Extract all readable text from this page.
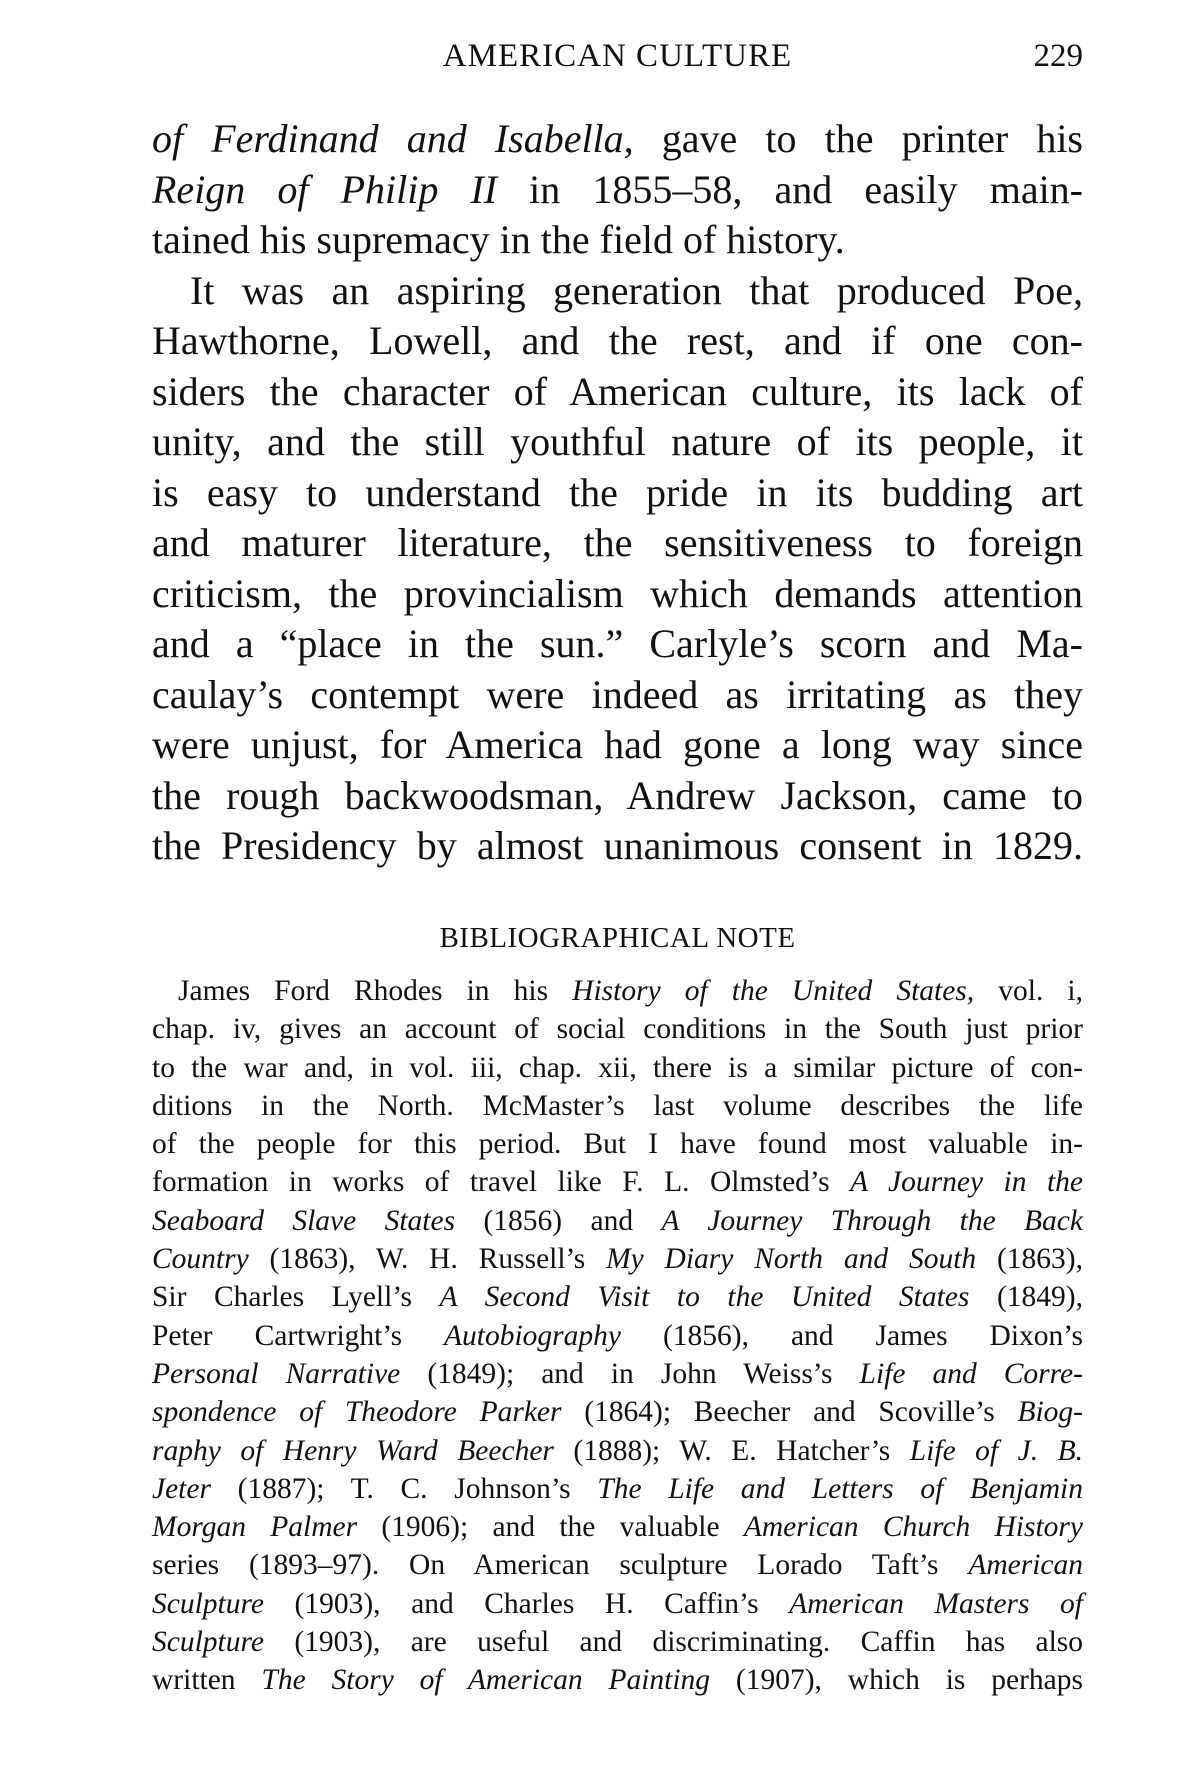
AMERICAN CULTURE	229
of Ferdinand and Isabella, gave to the printer his
Reign of Philip II in 1855–58, and easily main-
tained his supremacy in the field of history.
It was an aspiring generation that produced Poe,
Hawthorne, Lowell, and the rest, and if one con-
siders the character of American culture, its lack of
unity, and the still youthful nature of its people, it
is easy to understand the pride in its budding art
and maturer literature, the sensitiveness to foreign
criticism, the provincialism which demands attention
and a “place in the sun.” Carlyle’s scorn and Ma-
caulay’s contempt were indeed as irritating as they
were unjust, for America had gone a long way since
the rough backwoodsman, Andrew Jackson, came to
the Presidency by almost unanimous consent in 1829.
BIBLIOGRAPHICAL NOTE
James Ford Rhodes in his History of the United States, vol. i,
chap. iv, gives an account of social conditions in the South just prior
to the war and, in vol. iii, chap. xii, there is a similar picture of con-
ditions in the North. McMaster’s last volume describes the life
of the people for this period. But I have found most valuable in-
formation in works of travel like F. L. Olmsted’s A Journey in the
Seaboard Slave States (1856) and A Journey Through the Back
Country (1863), W. H. Russell’s My Diary North and South (1863),
Sir Charles Lyell’s A Second Visit to the United States (1849),
Peter Cartwright’s Autobiography (1856), and James Dixon’s
Personal Narrative (1849); and in John Weiss’s Life and Corre-
spondence of Theodore Parker (1864); Beecher and Scoville’s Biog-
raphy of Henry Ward Beecher (1888); W. E. Hatcher’s Life of J. B.
Jeter (1887); T. C. Johnson’s The Life and Letters of Benjamin
Morgan Palmer (1906); and the valuable American Church History
series (1893–97). On American sculpture Lorado Taft’s American
Sculpture (1903), and Charles H. Caffin’s American Masters of
Sculpture (1903), are useful and discriminating. Caffin has also
written The Story of American Painting (1907), which is perhaps
